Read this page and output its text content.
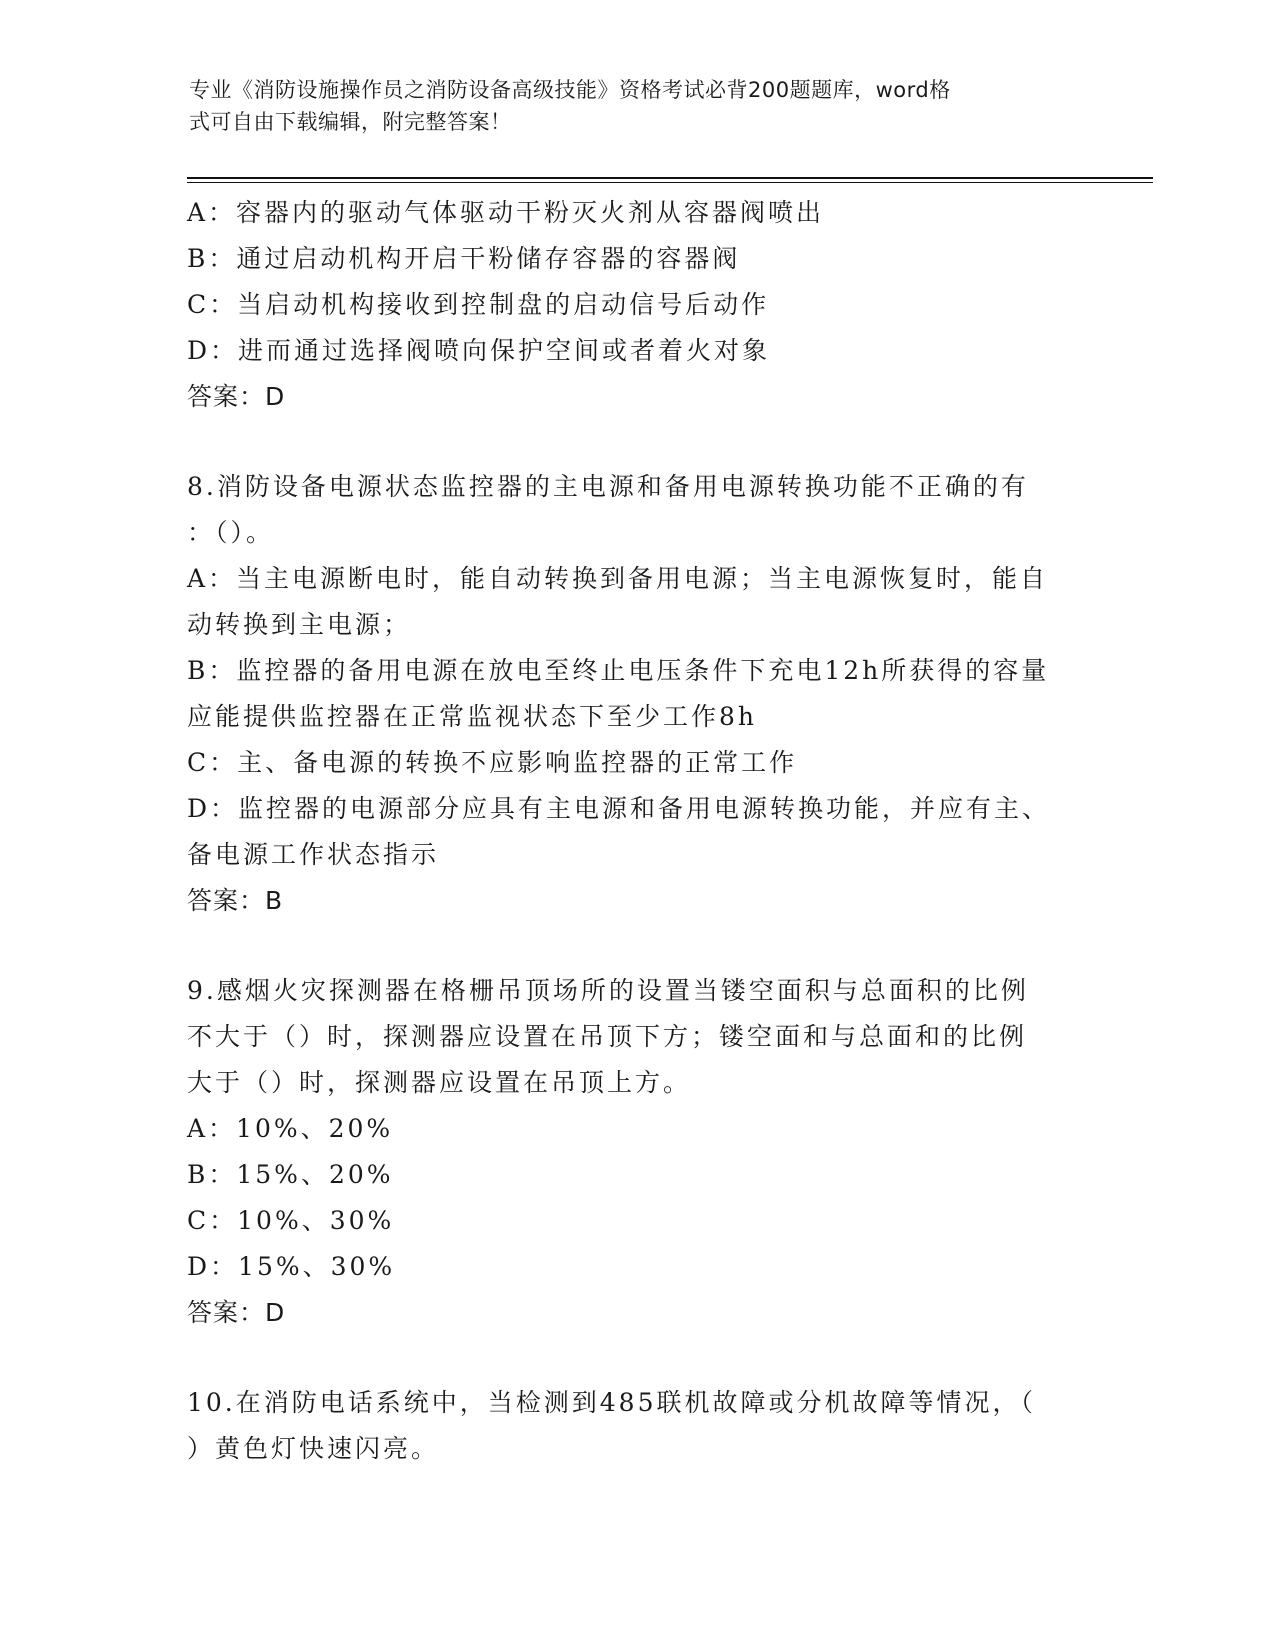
专业《消防设施操作员之消防设备高级技能》资格考试必背200题题库，word格
式可自由下载编辑，附完整答案！
A：容器内的驱动气体驱动干粉灭火剂从容器阀喷出
B：通过启动机构开启干粉储存容器的容器阀
C：当启动机构接收到控制盘的启动信号后动作
D：进而通过选择阀喷向保护空间或者着火对象
答案：D
8.消防设备电源状态监控器的主电源和备用电源转换功能不正确的有
：（）。
A：当主电源断电时，能自动转换到备用电源；当主电源恢复时，能自
动转换到主电源；
B：监控器的备用电源在放电至终止电压条件下充电12h所获得的容量
应能提供监控器在正常监视状态下至少工作8h
C：主、备电源的转换不应影响监控器的正常工作
D：监控器的电源部分应具有主电源和备用电源转换功能，并应有主、
备电源工作状态指示
答案：B
9.感烟火灾探测器在格栅吊顶场所的设置当镂空面积与总面积的比例
不大于（）时，探测器应设置在吊顶下方；镂空面和与总面和的比例
大于（）时，探测器应设置在吊顶上方。
A：10%、20%
B：15%、20%
C：10%、30%
D：15%、30%
答案：D
10.在消防电话系统中，当检测到485联机故障或分机故障等情况，（
）黄色灯快速闪亮。
